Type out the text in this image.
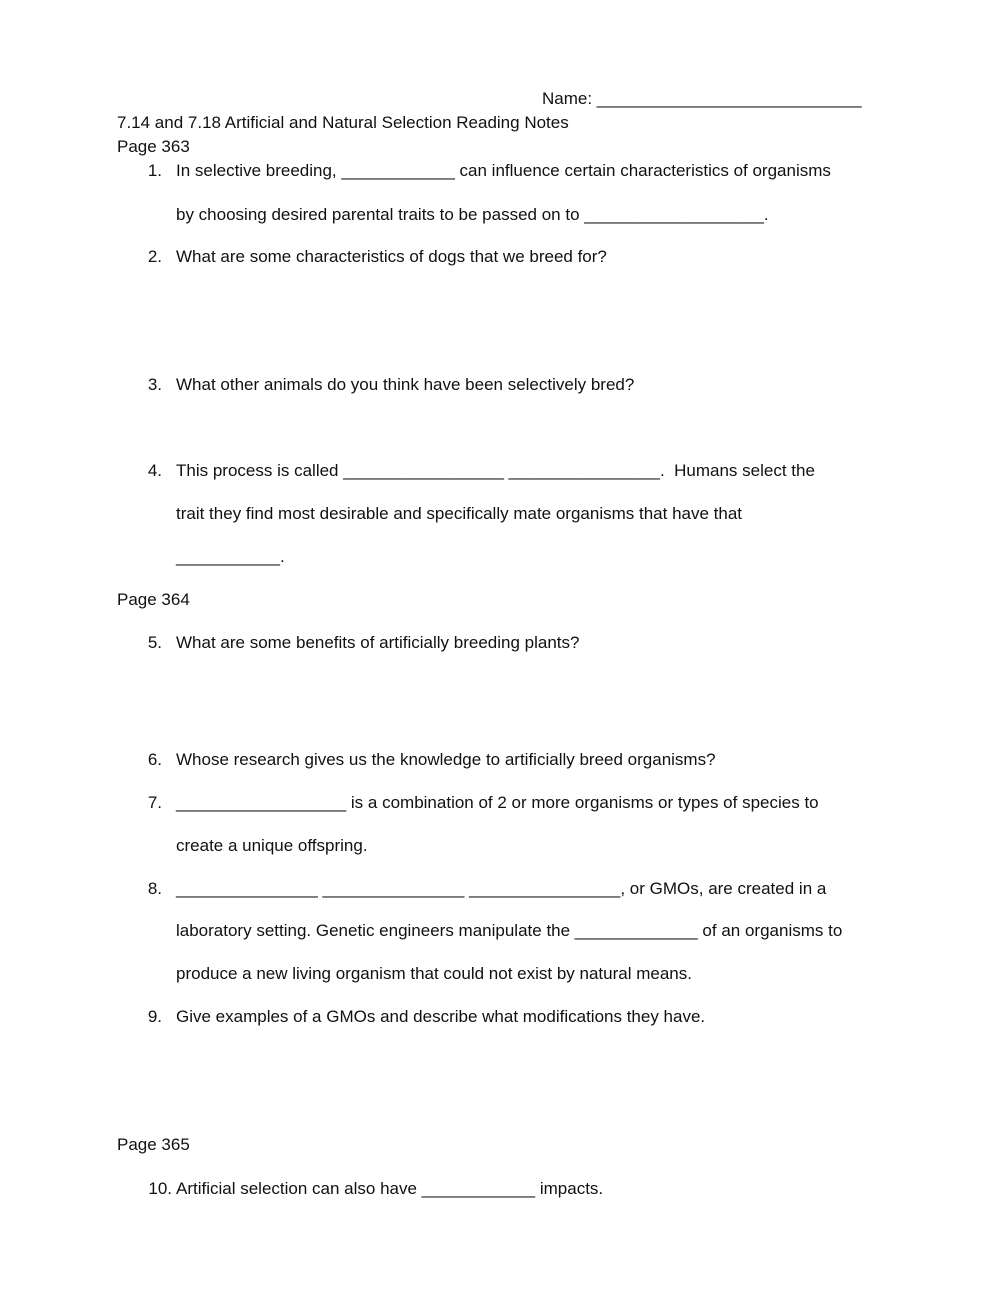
Name: ____________________________
7.14 and 7.18 Artificial and Natural Selection Reading Notes
Page 363
1. In selective breeding, ____________ can influence certain characteristics of organisms
by choosing desired parental traits to be passed on to ___________________.
2. What are some characteristics of dogs that we breed for?
3. What other animals do you think have been selectively bred?
4. This process is called _________________ ________________.  Humans select the
trait they find most desirable and specifically mate organisms that have that
___________.
Page 364
5. What are some benefits of artificially breeding plants?
6. Whose research gives us the knowledge to artificially breed organisms?
7. __________________ is a combination of 2 or more organisms or types of species to
create a unique offspring.
8. _______________ _______________ ________________, or GMOs, are created in a
laboratory setting. Genetic engineers manipulate the _____________ of an organisms to
produce a new living organism that could not exist by natural means.
9. Give examples of a GMOs and describe what modifications they have.
Page 365
10. Artificial selection can also have ____________ impacts.
